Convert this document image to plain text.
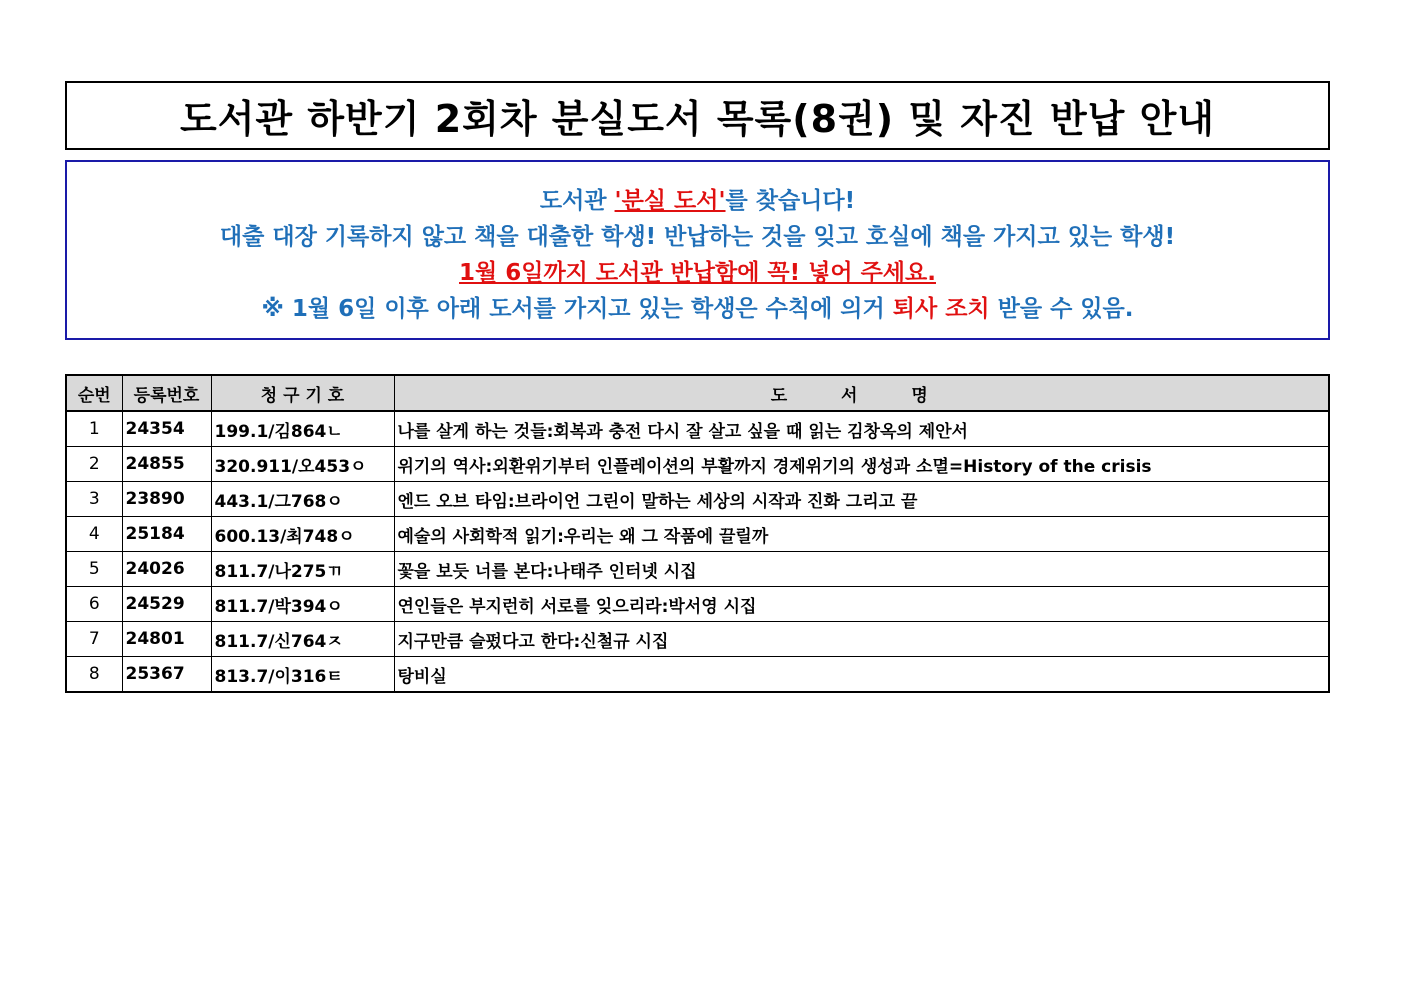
도서관 하반기 2회차 분실도서 목록(8권) 및 자진 반납 안내
도서관 '분실 도서'를 찾습니다!
대출 대장 기록하지 않고 책을 대출한 학생! 반납하는 것을 잊고 호실에 책을 가지고 있는 학생!
1월 6일까지 도서관 반납함에 꼭! 넣어 주세요.
※ 1월 6일 이후 아래 도서를 가지고 있는 학생은 수칙에 의거 퇴사 조치 받을 수 있음.
순번	등록번호	청 구 기 호	도 서 명
1	24354	199.1/김864ㄴ	나를 살게 하는 것들:회복과 충전 다시 잘 살고 싶을 때 읽는 김창옥의 제안서
2	24855	320.911/오453ㅇ	위기의 역사:외환위기부터 인플레이션의 부활까지 경제위기의 생성과 소멸=History of the crisis
3	23890	443.1/그768ㅇ	엔드 오브 타임:브라이언 그린이 말하는 세상의 시작과 진화 그리고 끝
4	25184	600.13/최748ㅇ	예술의 사회학적 읽기:우리는 왜 그 작품에 끌릴까
5	24026	811.7/나275ㄲ	꽃을 보듯 너를 본다:나태주 인터넷 시집
6	24529	811.7/박394ㅇ	연인들은 부지런히 서로를 잊으리라:박서영 시집
7	24801	811.7/신764ㅈ	지구만큼 슬펐다고 한다:신철규 시집
8	25367	813.7/이316ㅌ	탕비실
